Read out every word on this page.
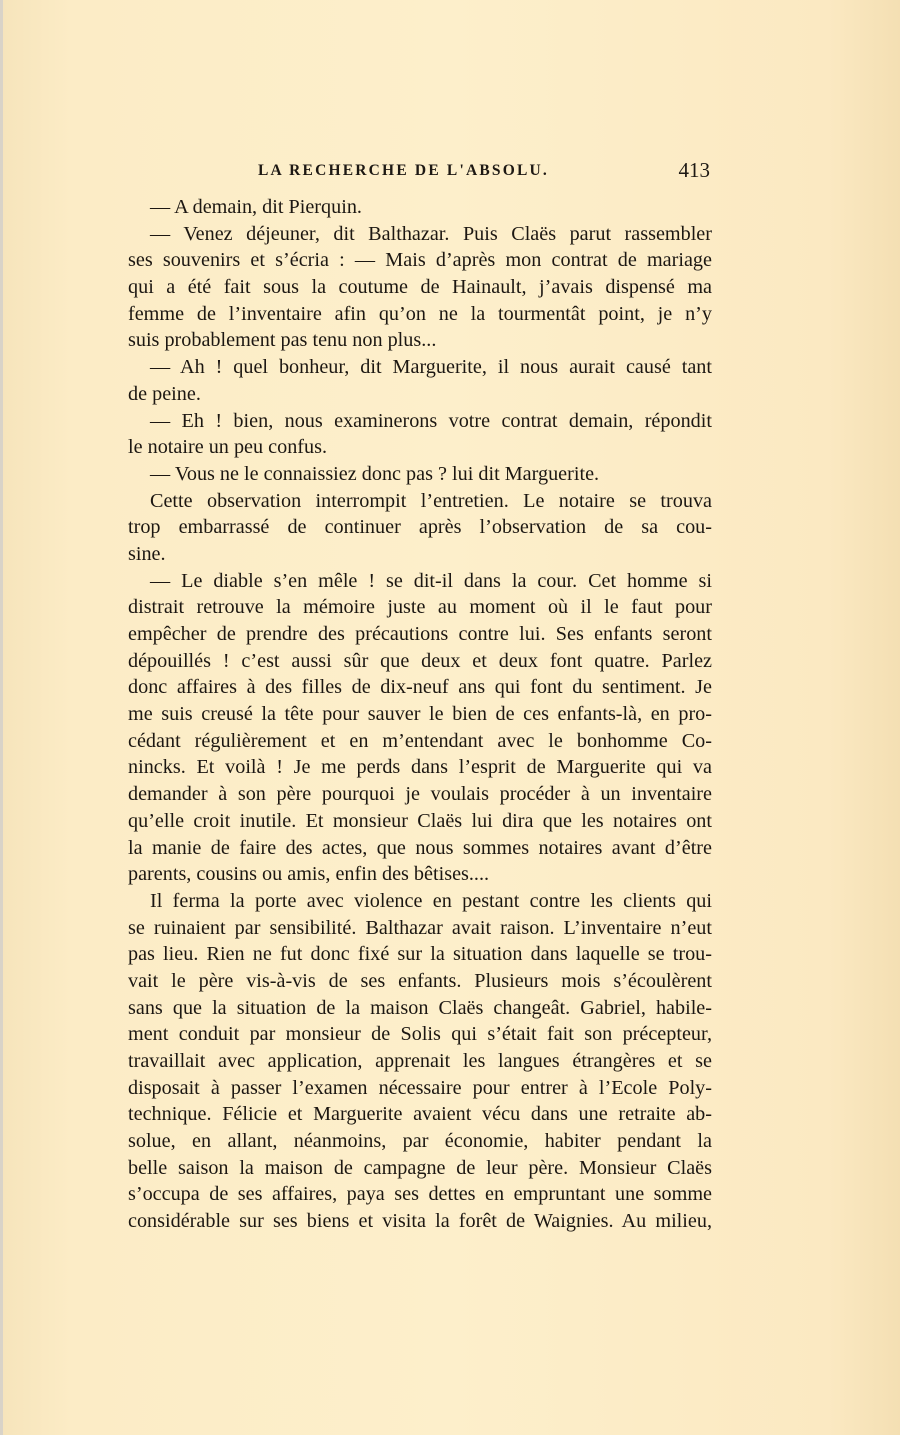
LA RECHERCHE DE L'ABSOLU.	413
— A demain, dit Pierquin.
— Venez déjeuner, dit Balthazar. Puis Claës parut rassembler
ses souvenirs et s’écria : — Mais d’après mon contrat de mariage
qui a été fait sous la coutume de Hainault, j’avais dispensé ma
femme de l’inventaire afin qu’on ne la tourmentât point, je n’y
suis probablement pas tenu non plus...
— Ah ! quel bonheur, dit Marguerite, il nous aurait causé tant
de peine.
— Eh ! bien, nous examinerons votre contrat demain, répondit
le notaire un peu confus.
— Vous ne le connaissiez donc pas ? lui dit Marguerite.
Cette observation interrompit l’entretien. Le notaire se trouva
trop embarrassé de continuer après l’observation de sa cou-
sine.
— Le diable s’en mêle ! se dit-il dans la cour. Cet homme si
distrait retrouve la mémoire juste au moment où il le faut pour
empêcher de prendre des précautions contre lui. Ses enfants seront
dépouillés ! c’est aussi sûr que deux et deux font quatre. Parlez
donc affaires à des filles de dix-neuf ans qui font du sentiment. Je
me suis creusé la tête pour sauver le bien de ces enfants-là, en pro-
cédant régulièrement et en m’entendant avec le bonhomme Co-
nincks. Et voilà ! Je me perds dans l’esprit de Marguerite qui va
demander à son père pourquoi je voulais procéder à un inventaire
qu’elle croit inutile. Et monsieur Claës lui dira que les notaires ont
la manie de faire des actes, que nous sommes notaires avant d’être
parents, cousins ou amis, enfin des bêtises....
Il ferma la porte avec violence en pestant contre les clients qui
se ruinaient par sensibilité. Balthazar avait raison. L’inventaire n’eut
pas lieu. Rien ne fut donc fixé sur la situation dans laquelle se trou-
vait le père vis-à-vis de ses enfants. Plusieurs mois s’écoulèrent
sans que la situation de la maison Claës changeât. Gabriel, habile-
ment conduit par monsieur de Solis qui s’était fait son précepteur,
travaillait avec application, apprenait les langues étrangères et se
disposait à passer l’examen nécessaire pour entrer à l’Ecole Poly-
technique. Félicie et Marguerite avaient vécu dans une retraite ab-
solue, en allant, néanmoins, par économie, habiter pendant la
belle saison la maison de campagne de leur père. Monsieur Claës
s’occupa de ses affaires, paya ses dettes en empruntant une somme
considérable sur ses biens et visita la forêt de Waignies. Au milieu,
